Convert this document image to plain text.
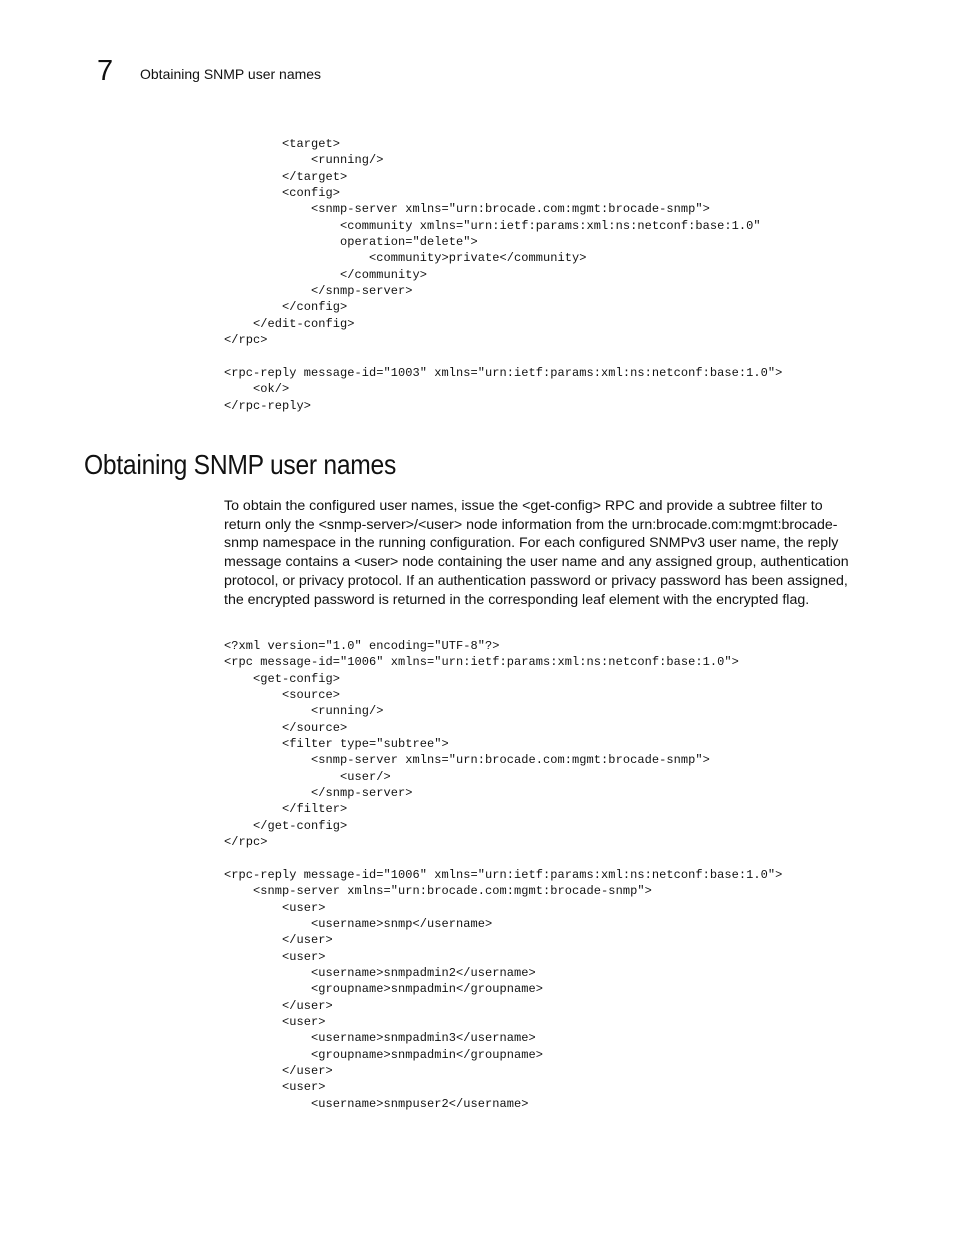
7 Obtaining SNMP user names
<target>
<running/>
</target>
<config>
<snmp-server xmlns="urn:brocade.com:mgmt:brocade-snmp">
<community xmlns="urn:ietf:params:xml:ns:netconf:base:1.0"
operation="delete">
<community>private</community>
</community>
</snmp-server>
</config>
</edit-config>
</rpc>

<rpc-reply message-id="1003" xmlns="urn:ietf:params:xml:ns:netconf:base:1.0">
<ok/>
</rpc-reply>
Obtaining SNMP user names

To obtain the configured user names, issue the <get-config> RPC and provide a subtree filter to return only the <snmp-server>/<user> node information from the urn:brocade.com:mgmt:brocade-snmp namespace in the running configuration. For each configured SNMPv3 user name, the reply message contains a <user> node containing the user name and any assigned group, authentication protocol, or privacy protocol. If an authentication password or privacy password has been assigned, the encrypted password is returned in the corresponding leaf element with the encrypted flag.

<?xml version="1.0" encoding="UTF-8"?>
<rpc message-id="1006" xmlns="urn:ietf:params:xml:ns:netconf:base:1.0">
<get-config>
<source>
<running/>
</source>
<filter type="subtree">
<snmp-server xmlns="urn:brocade.com:mgmt:brocade-snmp">
<user/>
</snmp-server>
</filter>
</get-config>
</rpc>

<rpc-reply message-id="1006" xmlns="urn:ietf:params:xml:ns:netconf:base:1.0">
<snmp-server xmlns="urn:brocade.com:mgmt:brocade-snmp">
<user>
<username>snmp</username>
</user>
<user>
<username>snmpadmin2</username>
<groupname>snmpadmin</groupname>
</user>
<user>
<username>snmpadmin3</username>
<groupname>snmpadmin</groupname>
</user>
<user>
<username>snmpuser2</username>
